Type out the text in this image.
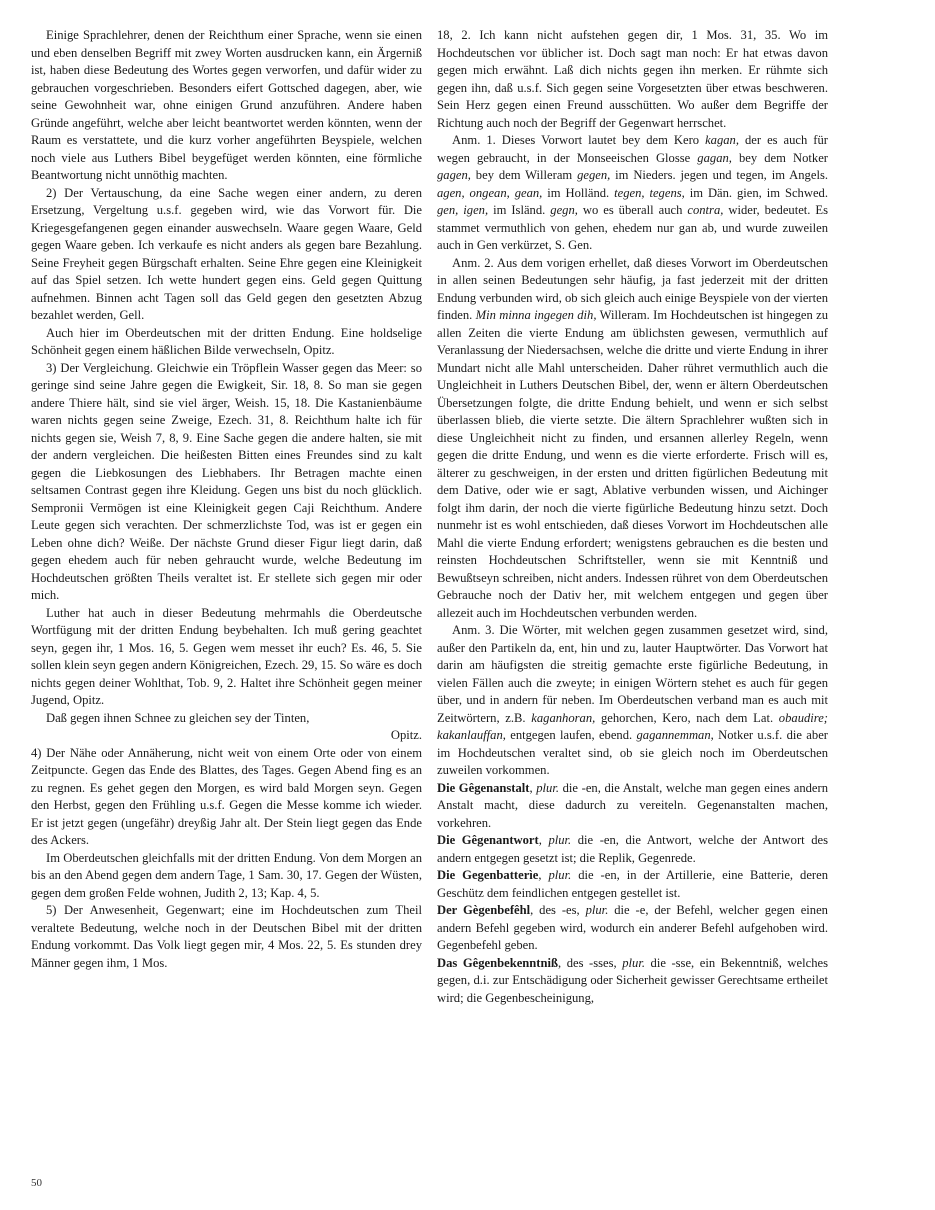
Einige Sprachlehrer, denen der Reichthum einer Sprache, wenn sie einen und eben denselben Begriff mit zwey Worten ausdrucken kann, ein Ärgerniß ist, haben diese Bedeutung des Wortes gegen verworfen, und dafür wider zu gebrauchen vorgeschrieben. Besonders eifert Gottsched dagegen, aber, wie seine Gewohnheit war, ohne einigen Grund anzuführen. Andere haben Gründe angeführt, welche aber leicht beantwortet werden könnten, wenn der Raum es verstattete, und die kurz vorher angeführten Beyspiele, welchen noch viele aus Luthers Bibel beygefüget werden könnten, eine förmliche Beantwortung nicht unnöthig machten.

2) Der Vertauschung, da eine Sache wegen einer andern, zu deren Ersetzung, Vergeltung u.s.f. gegeben wird, wie das Vorwort für. Die Kriegesgefangenen gegen einander auswechseln. Waare gegen Waare, Geld gegen Waare geben. Ich verkaufe es nicht anders als gegen bare Bezahlung. Seine Freyheit gegen Bürgschaft erhalten. Seine Ehre gegen eine Kleinigkeit auf das Spiel setzen. Ich wette hundert gegen eins. Geld gegen Quittung aufnehmen. Binnen acht Tagen soll das Geld gegen den gesetzten Abzug bezahlet werden, Gell.

Auch hier im Oberdeutschen mit der dritten Endung. Eine holdselige Schönheit gegen einem häßlichen Bilde verwechseln, Opitz.

3) Der Vergleichung. Gleichwie ein Tröpflein Wasser gegen das Meer: so geringe sind seine Jahre gegen die Ewigkeit, Sir. 18, 8. So man sie gegen andere Thiere hält, sind sie viel ärger, Weish. 15, 18. Die Kastanienbäume waren nichts gegen seine Zweige, Ezech. 31, 8. Reichthum halte ich für nichts gegen sie, Weish 7, 8, 9. Eine Sache gegen die andere halten, sie mit der andern vergleichen. Die heißesten Bitten eines Freundes sind zu kalt gegen die Liebkosungen des Liebhabers. Ihr Betragen machte einen seltsamen Contrast gegen ihre Kleidung. Gegen uns bist du noch glücklich. Sempronii Vermögen ist eine Kleinigkeit gegen Caji Reichthum. Andere Leute gegen sich verachten. Der schmerzlichste Tod, was ist er gegen ein Leben ohne dich? Weiße. Der nächste Grund dieser Figur liegt darin, daß gegen ehedem auch für neben gehraucht wurde, welche Bedeutung im Hochdeutschen größten Theils veraltet ist. Er stellete sich gegen mir oder mich.

Luther hat auch in dieser Bedeutung mehrmahls die Oberdeutsche Wortfügung mit der dritten Endung beybehalten. Ich muß gering geachtet seyn, gegen ihr, 1 Mos. 16, 5. Gegen wem messet ihr euch? Es. 46, 5. Sie sollen klein seyn gegen andern Königreichen, Ezech. 29, 15. So wäre es doch nichts gegen deiner Wohlthat, Tob. 9, 2. Haltet ihre Schönheit gegen meiner Jugend, Opitz.

Daß gegen ihnen Schnee zu gleichen sey der Tinten,

Opitz.

4) Der Nähe oder Annäherung, nicht weit von einem Orte oder von einem Zeitpuncte. Gegen das Ende des Blattes, des Tages. Gegen Abend fing es an zu regnen. Es gehet gegen den Morgen, es wird bald Morgen seyn. Gegen den Herbst, gegen den Frühling u.s.f. Gegen die Messe komme ich wieder. Er ist jetzt gegen (ungefähr) dreyßig Jahr alt. Der Stein liegt gegen das Ende des Ackers.

Im Oberdeutschen gleichfalls mit der dritten Endung. Von dem Morgen an bis an den Abend gegen dem andern Tage, 1 Sam. 30, 17. Gegen der Wüsten, gegen dem großen Felde wohnen, Judith 2, 13; Kap. 4, 5.

5) Der Anwesenheit, Gegenwart; eine im Hochdeutschen zum Theil veraltete Bedeutung, welche noch in der Deutschen Bibel mit der dritten Endung vorkommt. Das Volk liegt gegen mir, 4 Mos. 22, 5. Es stunden drey Männer gegen ihm, 1 Mos.

18, 2. Ich kann nicht aufstehen gegen dir, 1 Mos. 31, 35. Wo im Hochdeutschen vor üblicher ist. Doch sagt man noch: Er hat etwas davon gegen mich erwähnt. Laß dich nichts gegen ihn merken. Er rühmte sich gegen ihn, daß u.s.f. Sich gegen seine Vorgesetzten über etwas beschweren. Sein Herz gegen einen Freund ausschütten. Wo außer dem Begriffe der Richtung auch noch der Begriff der Gegenwart herrschet.

Anm. 1. Dieses Vorwort lautet bey dem Kero kagan, der es auch für wegen gebraucht, in der Monseeischen Glosse gagan, bey dem Notker gagen, bey dem Willeram gegen, im Nieders. jegen und tegen, im Angels. agen, ongean, gean, im Holländ. tegen, tegens, im Dän. gien, im Schwed. gen, igen, im Isländ. gegn, wo es überall auch contra, wider, bedeutet. Es stammet vermuthlich von gehen, ehedem nur gan ab, und wurde zuweilen auch in Gen verkürzet, S. Gen.

Anm. 2. Aus dem vorigen erhellet, daß dieses Vorwort im Oberdeutschen in allen seinen Bedeutungen sehr häufig, ja fast jederzeit mit der dritten Endung verbunden wird, ob sich gleich auch einige Beyspiele von der vierten finden. Min minna ingegen dih, Willeram. Im Hochdeutschen ist hingegen zu allen Zeiten die vierte Endung am üblichsten gewesen, vermuthlich auf Veranlassung der Niedersachsen, welche die dritte und vierte Endung in ihrer Mundart nicht alle Mahl unterscheiden. Daher rühret vermuthlich auch die Ungleichheit in Luthers Deutschen Bibel, der, wenn er ältern Oberdeutschen Übersetzungen folgte, die dritte Endung behielt, und wenn er sich selbst überlassen blieb, die vierte setzte. Die ältern Sprachlehrer wußten sich in diese Ungleichheit nicht zu finden, und ersannen allerley Regeln, wenn gegen die dritte Endung, und wenn es die vierte erforderte. Frisch will es, älterer zu geschweigen, in der ersten und dritten figürlichen Bedeutung mit dem Dative, oder wie er sagt, Ablative verbunden wissen, und Aichinger folgt ihm darin, der noch die vierte figürliche Bedeutung hinzu setzt. Doch nunmehr ist es wohl entschieden, daß dieses Vorwort im Hochdeutschen alle Mahl die vierte Endung erfordert; wenigstens gebrauchen es die besten und reinsten Hochdeutschen Schriftsteller, wenn sie mit Kenntniß und Bewußtseyn schreiben, nicht anders. Indessen rühret von dem Oberdeutschen Gebrauche noch der Dativ her, mit welchem entgegen und gegen über allezeit auch im Hochdeutschen verbunden werden.

Anm. 3. Die Wörter, mit welchen gegen zusammen gesetzet wird, sind, außer den Partikeln da, ent, hin und zu, lauter Hauptwörter. Das Vorwort hat darin am häufigsten die streitig gemachte erste figürliche Bedeutung, in vielen Fällen auch die zweyte; in einigen Wörtern stehet es auch für gegen über, und in andern für neben. Im Oberdeutschen verband man es auch mit Zeitwörtern, z.B. kaganhoran, gehorchen, Kero, nach dem Lat. obaudire; kakanlauffan, entgegen laufen, ebend. gagannemman, Notker u.s.f. die aber im Hochdeutschen veraltet sind, ob sie gleich noch im Oberdeutschen zuweilen vorkommen.

Die Gêgenanstalt, plur. die -en, die Anstalt, welche man gegen eines andern Anstalt macht, diese dadurch zu vereiteln. Gegenanstalten machen, vorkehren.

Die Gêgenantwort, plur. die -en, die Antwort, welche der Antwort des andern entgegen gesetzt ist; die Replik, Gegenrede.

Die Gegenbatterìe, plur. die -en, in der Artillerie, eine Batterie, deren Geschütz dem feindlichen entgegen gestellet ist.

Der Gègenbefêhl, des -es, plur. die -e, der Befehl, welcher gegen einen andern Befehl gegeben wird, wodurch ein anderer Befehl aufgehoben wird. Gegenbefehl geben.

Das Gêgenbekenntniß, des -sses, plur. die -sse, ein Bekenntniß, welches gegen, d.i. zur Entschädigung oder Sicherheit gewisser Gerechtsame ertheilet wird; die Gegenbescheinigung,

50
